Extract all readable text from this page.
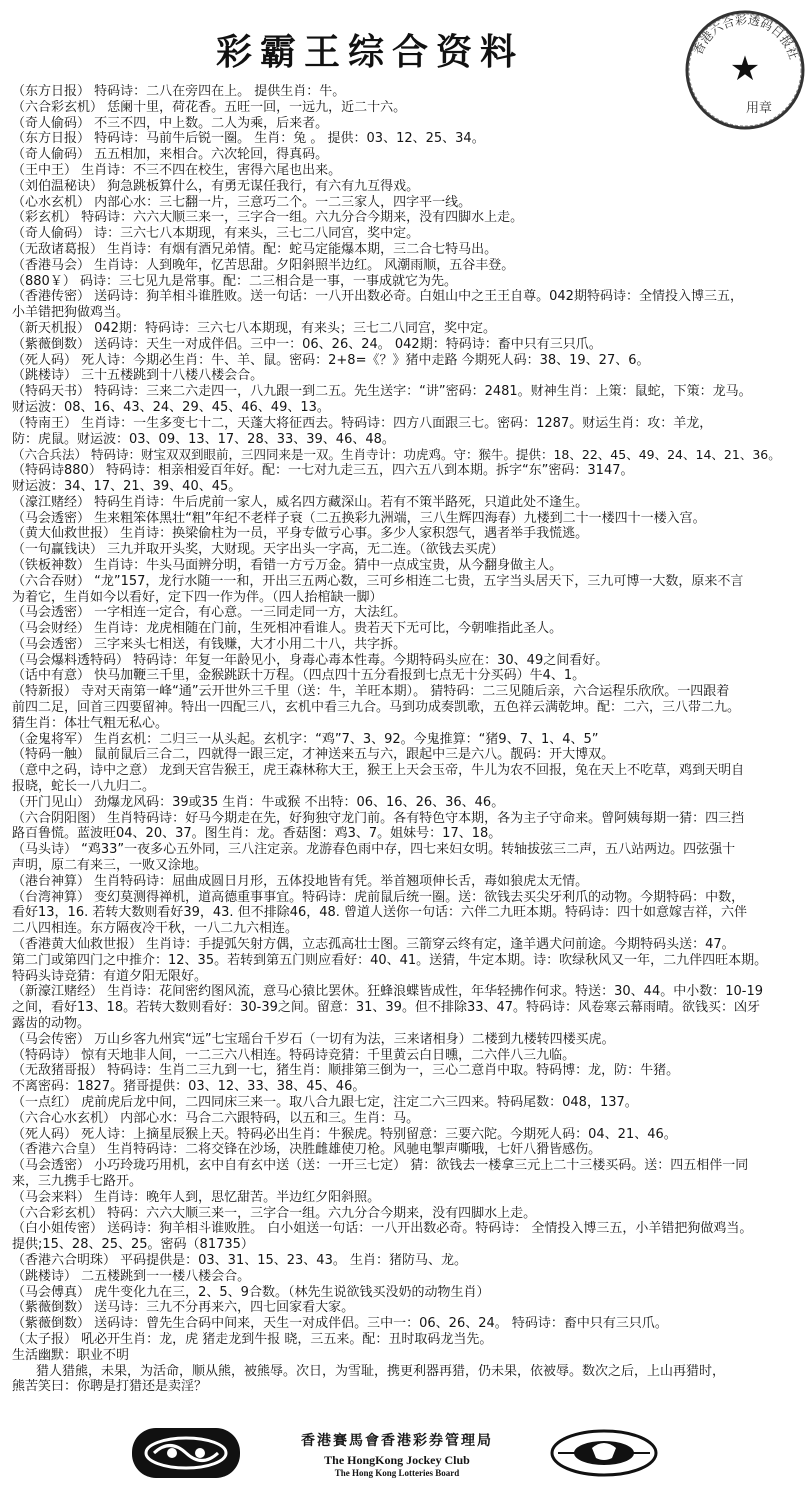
彩霸王综合资料	香港六合彩透码日报社
★
用章
（东方日报） 特码诗：二八在旁四在上。 提供生肖：牛。
（六合彩玄机） 恁阑十里，荷花香。五旺一回，一远九，近二十六。
（奇人偷码） 不三不四，中上数。二人为乘，后来者。
（东方日报） 特码诗：马前牛后锐一圈。 生肖：兔 。 提供：03、12、25、34。
（奇人偷码） 五五相加，来相合。六次轮回，得真码。
（王中王） 生肖诗：不三不四在校生，害得六尾也出来。
（刘伯温秘诀） 狗急跳板算什么，有勇无谋任我行，有六有九互得戏。
（心水玄机） 内部心水：三七翻一片，三意巧二个。一二三家人，四字平一线。
（彩玄机） 特码诗：六六大顺三来一，三字合一组。六九分合今期来，没有四脚水上走。
（奇人偷码） 诗：三六七八本期现，有来头，三七二八同宫，奖中定。
（无敌诸葛报） 生肖诗：有烟有酒兄弟情。配：蛇马定能爆本期，三二合七特马出。
（香港马会） 生肖诗：人到晚年，忆苦思甜。夕阳斜照半边红。 风潮雨顺，五谷丰登。
（880￥） 码诗：三七见九是常事。配：二三相合是一事，一事成就它为先。
（香港传密） 送码诗：狗羊相斗谁胜败。送一句话：一八开出数必奇。白姐山中之王王自尊。042期特码诗：全情投入博三五，
小羊错把狗做鸡当。
（新天机报） 042期：特码诗：三六七八本期现，有来头；三七二八同宫，奖中定。
（紫薇倒数） 送码诗：天生一对成伴侣。三中一：06、26、24。 042期：特码诗：畜中只有三只爪。
（死人码） 死人诗：今期必生肖：牛、羊、鼠。密码：2+8=《？》猪中走路 今期死人码：38、19、27、6。
（跳楼诗） 三十五楼跳到十八楼八楼会合。
（特码天书） 特码诗：三来二六走四一，八九跟一到二五。先生送字：“讲”密码：2481。财神生肖：上策：鼠蛇，下策：龙马。
财运波：08、16、43、24、29、45、46、49、13。
（特南王） 生肖诗：一生多变七十二，天蓬大将征西去。特码诗：四方八面跟三七。密码：1287。财运生肖：攻：羊龙，
防：虎鼠。财运波：03、09、13、17、28、33、39、46、48。
（六合兵法） 特码诗：财宝双双到眼前，三四同来是一双。生肖寺计：功虎鸡。守：猴牛。提供：18、22、45、49、24、14、21、36。
（特码诗880） 特码诗：相亲相爱百年好。配：一七对九走三五，四六五八到本期。拆字“东”密码：3147。
财运波：34、17、21、39、40、45。
（濠江赌经） 特码生肖诗：牛后虎前一家人，威名四方藏深山。若有不策半路死，只道此处不逢生。
（马会透密） 生来粗笨体黑壮“粗”年纪不老样子衰（二五换彩九洲端，三八生辉四海春）九楼到二十一楼四十一楼入宫。
（黄大仙救世报） 生肖诗：换梁偷柱为一员，平身专做亏心事。多少人家积怨气，遇者举手我慌逃。
（一句赢钱诀） 三九并取开头奖，大财现。天字出头一字高，无二连。（欲钱去买虎）
（铁板神数） 生肖诗：牛头马面辨分明，看错一方亏万金。猜中一点成宝贵，从今翻身做主人。
（六合吞财） “龙”157，龙行水随一一和，开出三五两心数，三可乡相连二七贵，五字当头居天下，三九可博一大数，原来不言
为着它，生肖如今以看好，定下四一作为伴。（四人抬棺缺一脚）
（马会透密） 一字相连一定合，有心意。一三同走同一方，大法红。
（马会财经） 生肖诗：龙虎相随在门前，生死相冲看谁人。贵若天下无可比，今朝唯指此圣人。
（马会透密） 三字来头七相送，有钱赚，大才小用二十八，共字拆。
（马会爆料透特码） 特码诗：年复一年龄见小，身毒心毒本性毒。今期特码头应在：30、49之间看好。
（话中有意） 快马加鞭三千里，金猴跳跃十万程。（四点四十五分看报到七点无十分买码）牛4、1。
（特新报） 寺对天南第一峰“通”云开世外三千里（送：牛，羊旺本期）。 猜特码：二三见随后亲，六合运程乐欣欣。一四跟着
前四二足，回首三四要留神。特出一四配三八，玄机中看三九合。马到功成奏凯歌，五色祥云满乾坤。配：二六，三八带二九。
猜生肖：体壮气粗无私心。
（金鬼将军） 生肖玄机：二归三一从头起。玄机字：“鸡”7、3、92。今鬼推算：“猪9、7、1、4、5”
（特码一触） 鼠前鼠后三合二，四就得一跟三定，才神送来五与六，跟起中三是六八。靓码：开大博双。
（意中之码，诗中之意） 龙到天宫告猴王，虎王森林称大王，猴王上天会玉帝，牛儿为农不回报，兔在天上不吃草，鸡到天明自
报晓，蛇长一八九归二。
（开门见山） 劲爆龙风码：39或35 生肖：牛或猴 不出特：06、16、26、36、46。
（六合阴阳图） 生肖特码诗：好马今期走在先，好狗独守龙门前。各有特色守本期，各为主子守命来。曾阿姨每期一猜：四三挡
路百鲁慌。蓝波旺04、20、37。图生肖：龙。香菇图：鸡3、7。姐妹号：17、18。
（马头诗） “鸡33”一夜多心五外同，三八注定亲。龙游春色雨中存，四七来妇女明。转轴拔弦三二声，五八站两边。四弦强十
声明，原二有来三，一败又涂地。
（港台神算） 生肖特码诗：屈曲成圆日月形，五体投地皆有凭。举首翘项伸长舌，毒如狼虎太无情。
（台湾神算） 变幻莫测得禅机，道高德重事事宜。特码诗：虎前鼠后统一圈。送：欲钱去买尖牙利爪的动物。今期特码：中数，
看好13，16. 若转大数则看好39，43. 但不排除46，48. 曾道人送你一句话：六伴二九旺本期。特码诗：四十如意嫁吉祥，六伴
二八四相连。东方隔夜冷干秋，一八二九六相连。
（香港黄大仙救世报） 生肖诗：手提弧矢射方偶，立志孤高壮士图。三箭穿云终有定，逢羊遇犬问前途。今期特码头送：47。
第二门或第四门之中推介：12、35。若转到第五门则应看好：40、41。送猜，牛定本期。诗：吹绿秋风又一年，二九伴四旺本期。
特码头诗竞猜：有道夕阳无限好。
（新濠江赌经） 生肖诗：花间密约图风流，意马心猿比罢休。狂蜂浪蝶皆成性，年华轻拂作何求。特送：30、44。中小数：10-19
之间，看好13、18。若转大数则看好：30-39之间。留意：31、39。但不排除33、47。特码诗：风卷寒云幕雨晴。欲钱买：凶牙
露齿的动物。
（马会传密） 万山乡客九州宾“远”七宝瑶台千岁石（一切有为法，三来诸相身）二楼到九楼转四楼买虎。
（特码诗） 惊有天地非人间，一二三六八相连。特码诗竞猜：千里黄云白日曛，二六伴八三九临。
（无敌猪哥报） 特码诗：生肖二三九到一七，猪生肖：顺排第三倒为一，三心二意肖中取。特码博：龙，防：牛猪。
不离密码：1827。猪哥提供：03、12、33、38、45、46。
（一点红） 虎前虎后龙中间，二四同床三来一。取八合九跟七定，注定二六三四来。特码尾数：048，137。
（六合心水玄机） 内部心水：马合二六跟特码，以五和三。生肖：马。
（死人码） 死人诗：上摘星辰猴上天。特码必出生肖：牛猴虎。特别留意：三要六陀。今期死人码：04、21、46。
（香港六合皇） 生肖特码诗：二将交锋在沙场，决胜雌雄使刀枪。风驰电掣声嘶哦，七奸八猾皆感伤。
（马会透密） 小巧玲珑巧用机，玄中自有玄中送（送：一开三七定） 猜：欲钱去一楼拿三元上二十三楼买码。送：四五相伴一同
来，三九携手七路开。
（马会来料） 生肖诗：晚年人到，思忆甜苦。半边红夕阳斜照。
（六合彩玄机） 特码：六六大顺三来一，三字合一组。六九分合今期来，没有四脚水上走。
（白小姐传密） 送码诗：狗羊相斗谁败胜。 白小姐送一句话：一八开出数必奇。特码诗： 全情投入博三五，小羊错把狗做鸡当。
提供;15、28、25、25。密码（81735）
（香港六合明珠） 平码提供是：03、31、15、23、43。 生肖：猪防马、龙。
（跳楼诗） 二五楼跳到一一楼八楼会合。
（马会傅真） 虎牛变化九在三，2、5、9合数。（林先生说欲钱买没奶的动物生肖）
（紫薇倒数） 送马诗：三九不分再来六，四七回家看大家。
（紫薇倒数） 送码诗：曾先生合码中间来，天生一对成伴侣。三中一：06、26、24。 特码诗：畜中只有三只爪。
（太子报） 吼必开生肖：龙，虎 猪走龙到牛报 晓，三五来。配：丑时取码龙当先。
生活幽默：职业不明
猎人猎熊，未果，为活命，顺从熊，被熊辱。次日，为雪耻，携更利器再猎，仍未果，依被辱。数次之后，上山再猎时，
熊苦笑曰：你聘是打猎还是卖淫？
香港賽馬會香港彩券管理局
The HongKong Jockey Club
The Hong Kong Lotteries Board
